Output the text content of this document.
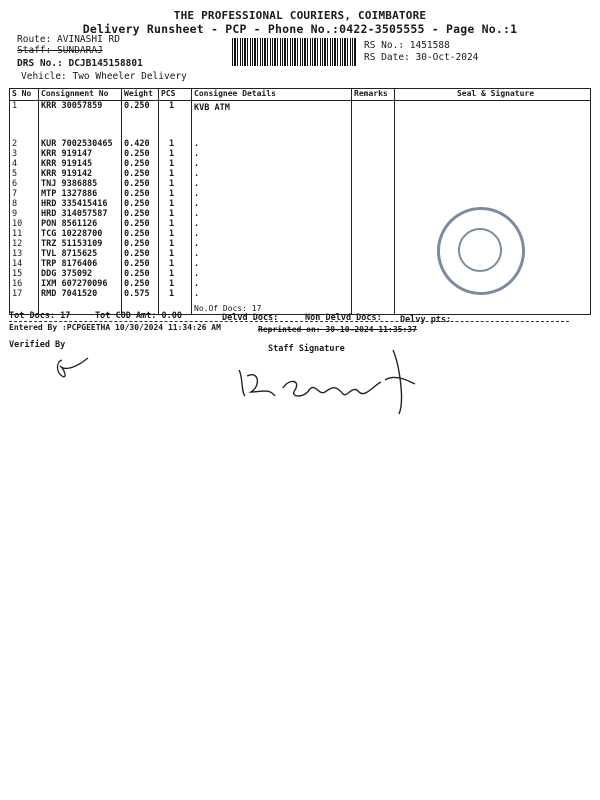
THE PROFESSIONAL COURIERS, COIMBATORE
Delivery Runsheet - PCP - Phone No.:0422-3505555 - Page No.:1
Route: AVINASHI RD
Staff: SUNDARAJ
DRS No.: DCJB145158801
Vehicle: Two Wheeler Delivery
RS No.: 1451588
RS Date: 30-Oct-2024
S No	Consignment No	Weight	PCS	Consignee Details	Remarks	Seal & Signature
1	KRR 30057859	0.250	1	KVB ATM		
2	KUR 7002530465	0.420	1	.		
3	KRR 919147	0.250	1	.		
4	KRR 919145	0.250	1	.		
5	KRR 919142	0.250	1	.		
6	TNJ 9386885	0.250	1	.		
7	MTP 1327886	0.250	1	.		
8	HRD 335415416	0.250	1	.		
9	HRD 314057587	0.250	1	.		
10	PON 8561126	0.250	1	.		
11	TCG 10228700	0.250	1	.		
12	TRZ 51153109	0.250	1	.		
13	TVL 8715625	0.250	1	.		
14	TRP 8176406	0.250	1	.		
15	DDG 375092	0.250	1	.		
16	IXM 607270096	0.250	1	.		
17	RMD 7041520	0.575	1	.		
				No.Of Docs: 17		
Tot Docs: 17	Tot COD Amt: 0.00	Delvd Docs:	Non Delvd Docs: Delvy pts:
Entered By :PCPGEETHA 10/30/2024 11:34:26 AM	Reprinted on: 30-10-2024 11:35:37
Verified By	Staff Signature
